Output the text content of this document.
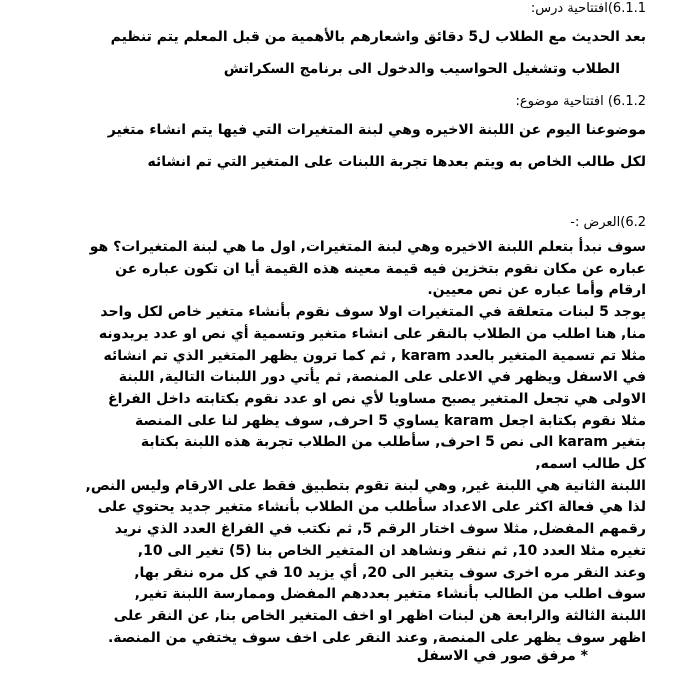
6.1.1)افتتاحية درس:
بعد الحديث مع الطلاب ل5 دقائق واشعارهم بالأهمية من قبل المعلم يتم تنظيم
الطلاب وتشغيل الحواسيب والدخول الى برنامج السكراتش
6.1.2) افتتاحية موضوع:
موضوعنا اليوم عن اللبنة الاخيره وهي لبنة المتغيرات التي فيها يتم انشاء متغير
لكل طالب الخاص به ويتم بعدها تجربة اللبنات على المتغير التي تم انشائه
6.2)العرض :-
سوف نبدأ بتعلم اللبنة الاخيره وهي لبنة المتغيرات, اول ما هي لبنة المتغيرات؟ هو
عباره عن مكان نقوم بتخزين فيه قيمة معينه هذه القيمة أيا ان تكون عباره عن
ارقام وأما عباره عن نص معيين.
يوجد 5 لبنات متعلقة في المتغيرات اولا سوف نقوم بأنشاء متغير خاص لكل واحد
منا, هنا اطلب من الطلاب بالنقر على انشاء متغير وتسمية أي نص او عدد يريدونه
مثلا تم تسمية المتغير بالعدد karam , ثم كما ترون يظهر المتغير الذي تم انشائه
في الاسفل ويظهر في الاعلى على المنصة, ثم يأتي دور اللبنات التالية, اللبنة
الاولى هي تجعل المتغير يصبح مساويا لأي نص او عدد نقوم بكتابته داخل الفراغ
مثلا نقوم بكتابة اجعل karam يساوي 5 احرف, سوف يظهر لنا على المنصة
بتغير karam الى نص 5 احرف, سأطلب من الطلاب تجربة هذه اللبنة بكتابة
كل طالب اسمه,
اللبنة الثانية هي اللبنة غير, وهي لبنة تقوم بتطبيق فقط على الارقام وليس النص,
لذا هي فعالة اكثر على الاعداد سأطلب من الطلاب بأنشاء متغير جديد يحتوي على
رقمهم المفضل, مثلا سوف اختار الرقم 5, ثم نكتب في الفراغ العدد الذي نريد
تغيره مثلا العدد 10, ثم ننقر ونشاهد ان المتغير الخاص بنا (5) تغير الى 10,
وعند النقر مره اخرى سوف يتغير الى 20, أي يزيد 10 في كل مره ننقر بها,
سوف اطلب من الطالب بأنشاء متغير بعددهم المفضل وممارسة اللبنة تغير,
اللبنة الثالثة والرابعة هن لبنات اظهر او اخف المتغير الخاص بنا, عن النقر على
اظهر سوف يظهر على المنصة, وعند النقر على اخف سوف يختفي من المنصة.
* مرفق صور في الاسفل
